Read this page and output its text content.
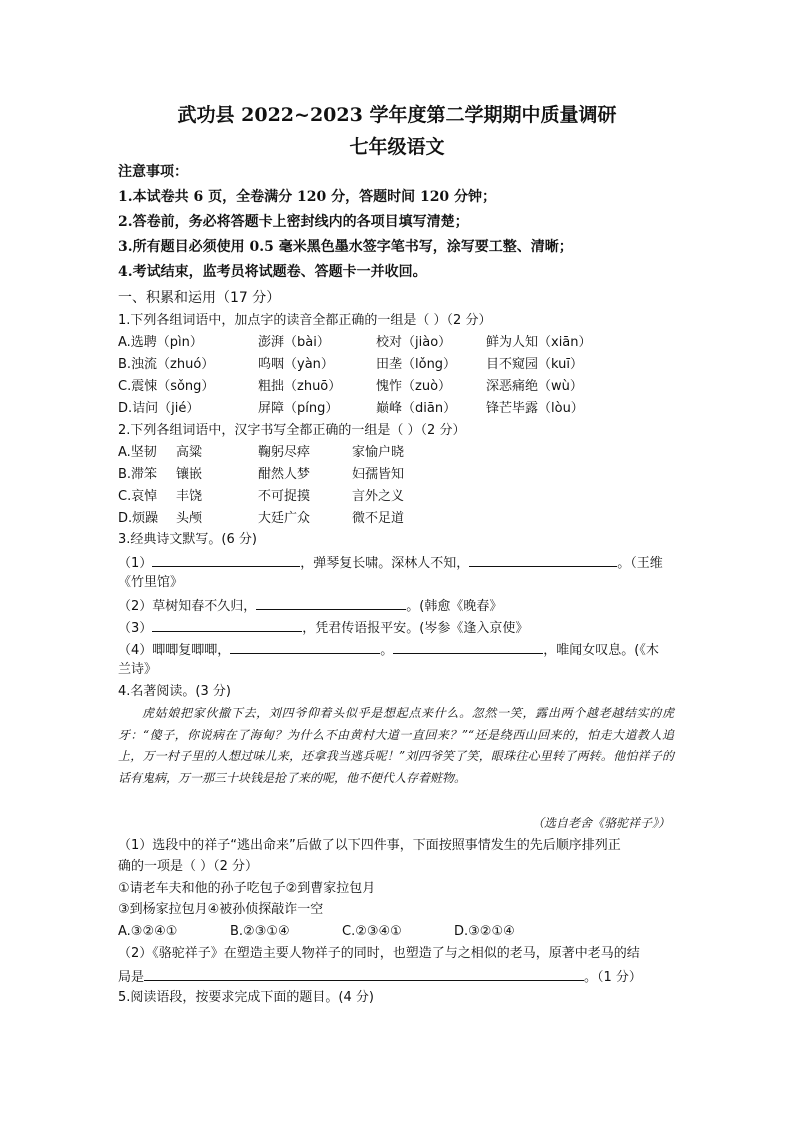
武功县 2022~2023 学年度第二学期期中质量调研
七年级语文
注意事项：
1.本试卷共 6 页，全卷满分 120 分，答题时间 120 分钟；
2.答卷前，务必将答题卡上密封线内的各项目填写清楚；
3.所有题目必须使用 0.5 毫米黑色墨水签字笔书写，涂写要工整、清晰；
4.考试结束，监考员将试题卷、答题卡一并收回。
一、积累和运用（17 分）
1.下列各组词语中，加点字的读音全都正确的一组是（ ）（2 分）
A.选聘（pìn）	澎湃（bài）	校对（jiào）	鲜为人知（xiān）
B.浊流（zhuó）	呜咽（yàn）	田垄（lǒng） 目不窥园（kuī）
C.震悚（sǒng）	粗拙（zhuō）	愧怍（zuò）	深恶痛绝（wù）
D.诘问（jié）	屏障（píng）	巅峰（diān） 锋芒毕露（lòu）
2.下列各组词语中，汉字书写全都正确的一组是（ ）（2 分）
A.坚韧 高粱	鞠躬尽瘁	家愉户晓
B.滞笨 镶嵌	酣然人梦	妇孺皆知
C.哀悼 丰饶	不可捉摸	言外之义
D.烦躁 头颅	大廷广众	微不足道
3.经典诗文默写。(6 分)
（1）	，弹琴复长啸。深林人不知，	。（王维
《竹里馆》
（2）草树知春不久归，	。(韩愈《晚春》
（3）	，凭君传语报平安。(岑参《逢入京使》
（4）唧唧复唧唧，	。	，唯闻女叹息。(《木
兰诗》
4.名著阅读。(3 分)
虎姑娘把家伙撤下去，刘四爷仰着头似乎是想起点来什么。忽然一笑，露出两个越老越结实的虎牙：“傻子，你说病在了海甸？为什么不由黄村大道一直回来？”“还是绕西山回来的，怕走大道教人追上，万一村子里的人想过味儿来，还拿我当逃兵呢！”刘四爷笑了笑，眼珠往心里转了两转。他怕祥子的话有鬼病，万一那三十块钱是抢了来的呢，他不便代人存着赃物。
（选自老舍《骆驼祥子》）
（1）选段中的祥子“逃出命来”后做了以下四件事，下面按照事情发生的先后顺序排列正
确的一项是（ ）（2 分）
①请老车夫和他的孙子吃包子②到曹家拉包月
③到杨家拉包月④被孙侦探敲诈一空
A.③②④①	B.②③①④	C.②③④①	D.③②①④
（2）《骆驼祥子》在塑造主要人物祥子的同时，也塑造了与之相似的老马，原著中老马的结
局是	。（1 分）
5.阅读语段，按要求完成下面的题目。(4 分)
